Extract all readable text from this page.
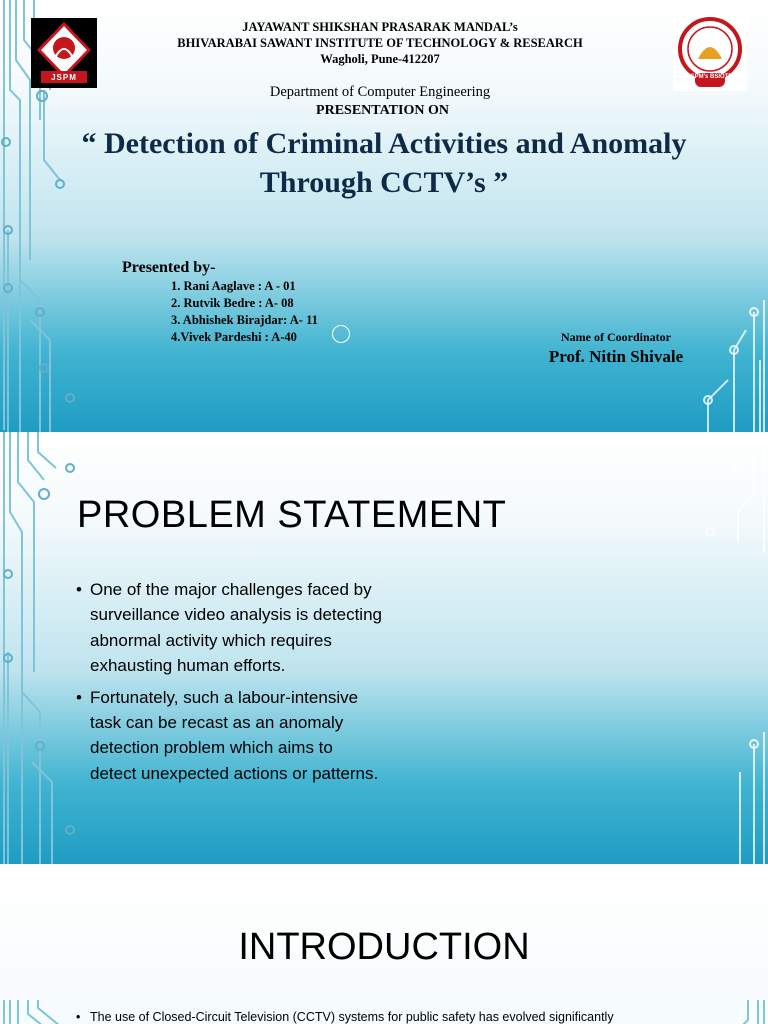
JSPM	JSPM's BSIOTR
JAYAWANT SHIKSHAN PRASARAK MANDAL’s
BHIVARABAI SAWANT INSTITUTE OF TECHNOLOGY & RESEARCH
Wagholi, Pune-412207
Department of Computer Engineering
PRESENTATION ON
“ Detection of Criminal Activities and Anomaly
Through CCTV’s ”
Presented by-
1. Rani Aaglave : A - 01
2. Rutvik Bedre : A- 08
3. Abhishek Birajdar: A- 11
4.Vivek Pardeshi : A-40	Name of Coordinator
Prof. Nitin Shivale
PROBLEM STATEMENT
• One of the major challenges faced by
surveillance video analysis is detecting
abnormal activity which requires
exhausting human efforts.
• Fortunately, such a labour-intensive
task can be recast as an anomaly
detection problem which aims to
detect unexpected actions or patterns.
INTRODUCTION
• The use of Closed-Circuit Television (CCTV) systems for public safety has evolved significantly
